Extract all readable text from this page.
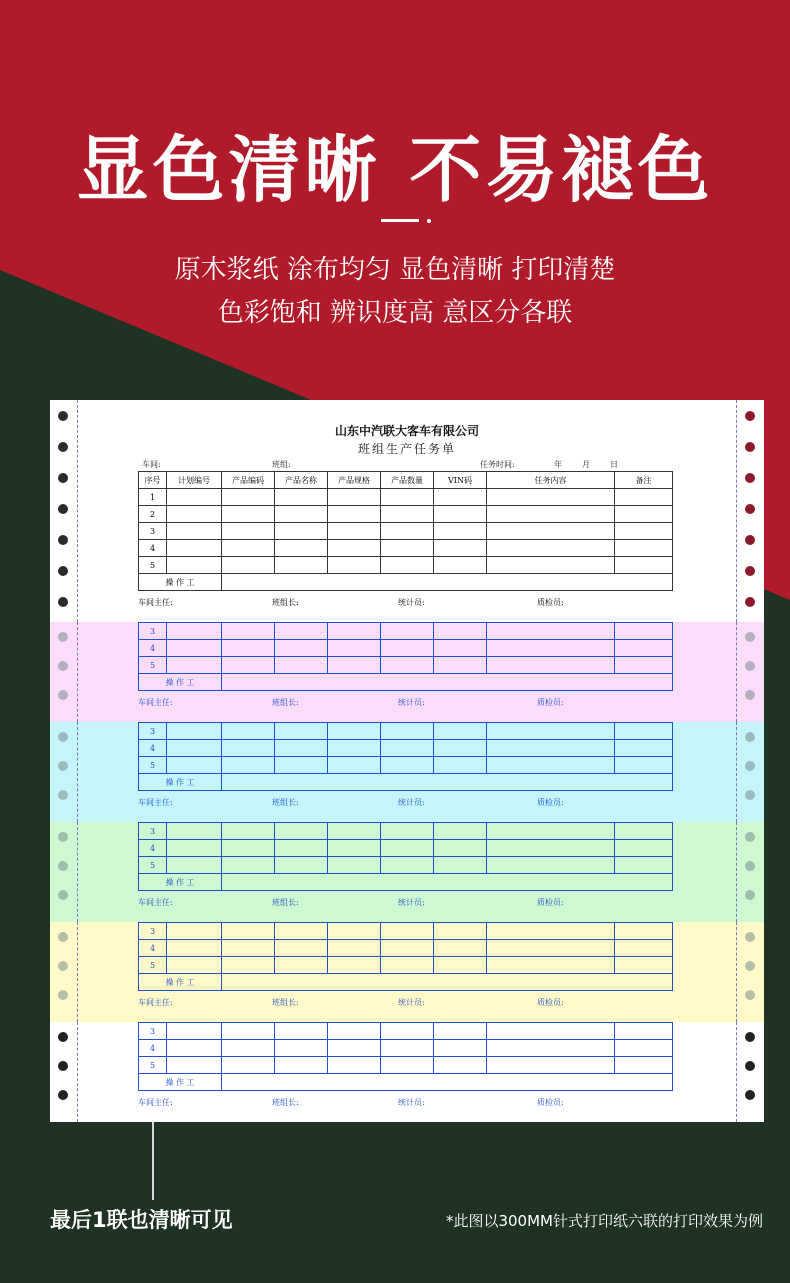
显色清晰 不易褪色
原木浆纸 涂布均匀 显色清晰 打印清楚
色彩饱和 辨识度高 意区分各联
山东中汽联大客车有限公司
班组生产任务单
车间:	班组:	任务时间:	年	月	日
序号	计划编号	产品编码	产品名称	产品规格	产品数量	VIN码	任务内容	备注
1								
2								
3								
4								
5								
操 作 工								
车间主任:	班组长:	统计员:	质检员:
3								
4								
5								
操 作 工								
车间主任:	班组长:	统计员:	质检员:
3								
4								
5								
操 作 工								
车间主任:	班组长:	统计员:	质检员:
3								
4								
5								
操 作 工								
车间主任:	班组长:	统计员:	质检员:
3								
4								
5								
操 作 工								
车间主任:	班组长:	统计员:	质检员:
3								
4								
5								
操 作 工								
车间主任:	班组长:	统计员:	质检员:
最后1联也清晰可见	*此图以300MM针式打印纸六联的打印效果为例
